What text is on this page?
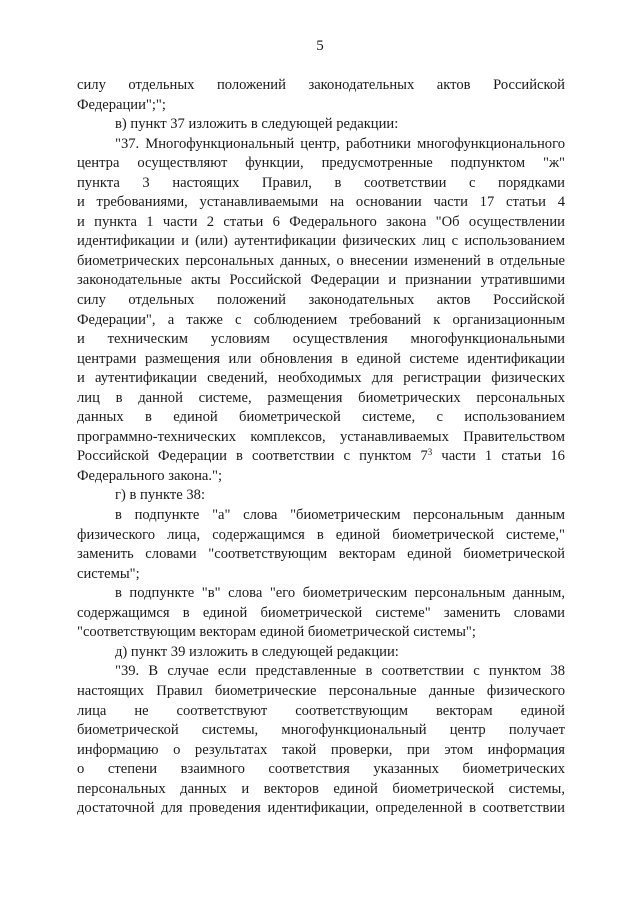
5

силу отдельных положений законодательных актов Российской

Федерации";";

в) пункт 37 изложить в следующей редакции:

"37. Многофункциональный центр, работники многофункционального

центра осуществляют функции, предусмотренные подпунктом "ж"

пункта 3 настоящих Правил, в соответствии с порядками

и требованиями, устанавливаемыми на основании части 17 статьи 4

и пункта 1 части 2 статьи 6 Федерального закона "Об осуществлении

идентификации и (или) аутентификации физических лиц с использованием

биометрических персональных данных, о внесении изменений в отдельные

законодательные акты Российской Федерации и признании утратившими

силу отдельных положений законодательных актов Российской

Федерации", а также с соблюдением требований к организационным

и техническим условиям осуществления многофункциональными

центрами размещения или обновления в единой системе идентификации

и аутентификации сведений, необходимых для регистрации физических

лиц в данной системе, размещения биометрических персональных

данных в единой биометрической системе, с использованием

программно-технических комплексов, устанавливаемых Правительством

Российской Федерации в соответствии с пунктом $7^3$ части 1 статьи 16

Федерального закона.";

г) в пункте 38:

в подпункте "а" слова "биометрическим персональным данным

физического лица, содержащимся в единой биометрической системе,"

заменить словами "соответствующим векторам единой биометрической

системы";

в подпункте "в" слова "его биометрическим персональным данным,

содержащимся в единой биометрической системе" заменить словами

"соответствующим векторам единой биометрической системы";

д) пункт 39 изложить в следующей редакции:

"39. В случае если представленные в соответствии с пунктом 38

настоящих Правил биометрические персональные данные физического

лица не соответствуют соответствующим векторам единой

биометрической системы, многофункциональный центр получает

информацию о результатах такой проверки, при этом информация

о степени взаимного соответствия указанных биометрических

персональных данных и векторов единой биометрической системы,

достаточной для проведения идентификации, определенной в соответствии
